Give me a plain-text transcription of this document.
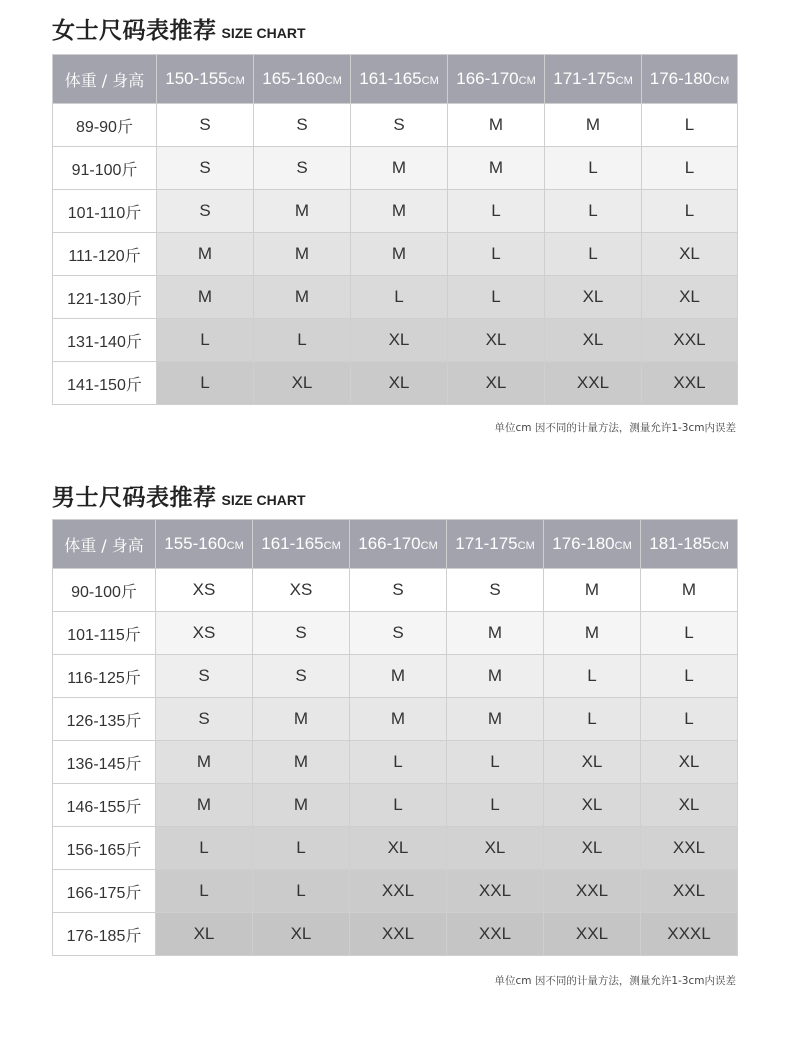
女士尺码表推荐 SIZE CHART
体重 / 身高	150-155CM	165-160CM	161-165CM	166-170CM	171-175CM	176-180CM
89-90斤	S	S	S	M	M	L
91-100斤	S	S	M	M	L	L
101-110斤	S	M	M	L	L	L
111-120斤	M	M	M	L	L	XL
121-130斤	M	M	L	L	XL	XL
131-140斤	L	L	XL	XL	XL	XXL
141-150斤	L	XL	XL	XL	XXL	XXL
单位cm 因不同的计量方法，测量允许1-3cm内误差
男士尺码表推荐 SIZE CHART
体重 / 身高	155-160CM	161-165CM	166-170CM	171-175CM	176-180CM	181-185CM
90-100斤	XS	XS	S	S	M	M
101-115斤	XS	S	S	M	M	L
116-125斤	S	S	M	M	L	L
126-135斤	S	M	M	M	L	L
136-145斤	M	M	L	L	XL	XL
146-155斤	M	M	L	L	XL	XL
156-165斤	L	L	XL	XL	XL	XXL
166-175斤	L	L	XXL	XXL	XXL	XXL
176-185斤	XL	XL	XXL	XXL	XXL	XXXL
单位cm 因不同的计量方法，测量允许1-3cm内误差
